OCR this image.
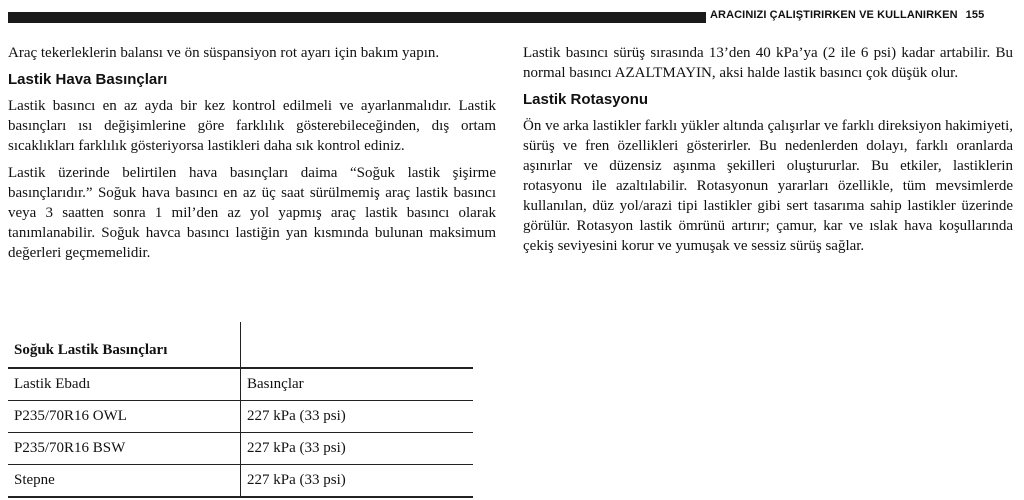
ARACINIZI ÇALIŞTIRIRKEN VE KULLANIRKEN 155

Araç tekerleklerin balansı ve ön süspansiyon rot ayarı için bakım yapın.

Lastik Hava Basınçları

Lastik basıncı en az ayda bir kez kontrol edilmeli ve ayarlanmalıdır. Lastik basınçları ısı değişimlerine göre farklılık gösterebileceğinden, dış ortam sıcaklıkları farklılık gösteriyorsa lastikleri daha sık kontrol ediniz.

Lastik üzerinde belirtilen hava basınçları daima “Soğuk lastik şişirme basınçlarıdır.” Soğuk hava basıncı en az üç saat sürülmemiş araç lastik basıncı veya 3 saatten sonra 1 mil’den az yol yapmış araç lastik basıncı olarak tanımlanabilir. Soğuk havca basıncı lastiğin yan kısmında bulunan maksimum değerleri geçmemelidir.

Lastik basıncı sürüş sırasında 13’den 40 kPa’ya (2 ile 6 psi) kadar artabilir. Bu normal basıncı AZALTMAYIN, aksi halde lastik basıncı çok düşük olur.

Lastik Rotasyonu

Ön ve arka lastikler farklı yükler altında çalışırlar ve farklı direksiyon hakimiyeti, sürüş ve fren özellikleri gösterirler. Bu nedenlerden dolayı, farklı oranlarda aşınırlar ve düzensiz aşınma şekilleri oluştururlar. Bu etkiler, lastiklerin rotasyonu ile azaltılabilir. Rotasyonun yararları özellikle, tüm mevsimlerde kullanılan, düz yol/arazi tipi lastikler gibi sert tasarıma sahip lastikler üzerinde görülür. Rotasyon lastik ömrünü artırır; çamur, kar ve ıslak hava koşullarında çekiş seviyesini korur ve yumuşak ve sessiz sürüş sağlar.

Soğuk Lastik Basınçları	
Lastik Ebadı	Basınçlar
P235/70R16 OWL	227 kPa (33 psi)
P235/70R16 BSW	227 kPa (33 psi)
Stepne	227 kPa (33 psi)
